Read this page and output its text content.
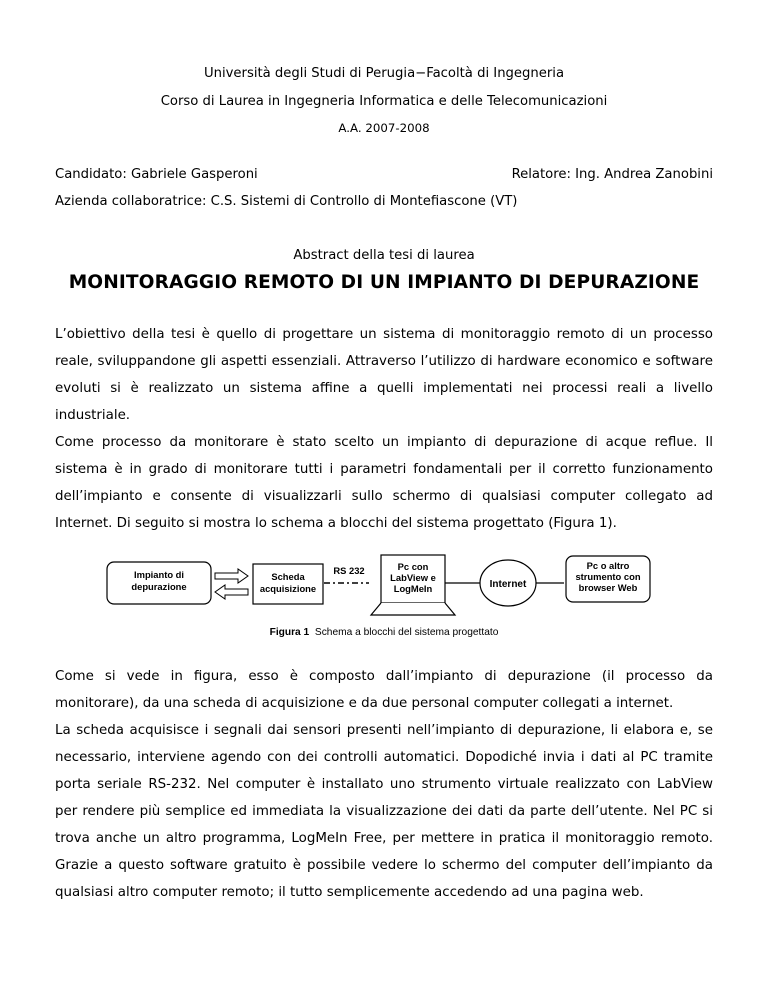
Università degli Studi di Perugia−Facoltà di Ingegneria
Corso di Laurea in Ingegneria Informatica e delle Telecomunicazioni
A.A. 2007-2008
Candidato: Gabriele Gasperoni	Relatore: Ing. Andrea Zanobini
Azienda collaboratrice: C.S. Sistemi di Controllo di Montefiascone (VT)
Abstract della tesi di laurea
MONITORAGGIO REMOTO DI UN IMPIANTO DI DEPURAZIONE
L’obiettivo della tesi è quello di progettare un sistema di monitoraggio remoto di un processo
reale, sviluppandone gli aspetti essenziali. Attraverso l’utilizzo di hardware economico e software
evoluti si è realizzato un sistema affine a quelli implementati nei processi reali a livello
industriale.
Come processo da monitorare è stato scelto un impianto di depurazione di acque reflue. Il
sistema è in grado di monitorare tutti i parametri fondamentali per il corretto funzionamento
dell’impianto e consente di visualizzarli sullo schermo di qualsiasi computer collegato ad
Internet. Di seguito si mostra lo schema a blocchi del sistema progettato (Figura 1).
Impianto di
depurazione
Scheda
acquisizione
RS 232	Pc con
LabView e
LogMeIn	Internet
Pc o altro
strumento con
browser Web
Figura 1 Schema a blocchi del sistema progettato
Come si vede in figura, esso è composto dall’impianto di depurazione (il processo da
monitorare), da una scheda di acquisizione e da due personal computer collegati a internet.
La scheda acquisisce i segnali dai sensori presenti nell’impianto di depurazione, li elabora e, se
necessario, interviene agendo con dei controlli automatici. Dopodiché invia i dati al PC tramite
porta seriale RS-232. Nel computer è installato uno strumento virtuale realizzato con LabView
per rendere più semplice ed immediata la visualizzazione dei dati da parte dell’utente. Nel PC si
trova anche un altro programma, LogMeIn Free, per mettere in pratica il monitoraggio remoto.
Grazie a questo software gratuito è possibile vedere lo schermo del computer dell’impianto da
qualsiasi altro computer remoto; il tutto semplicemente accedendo ad una pagina web.
